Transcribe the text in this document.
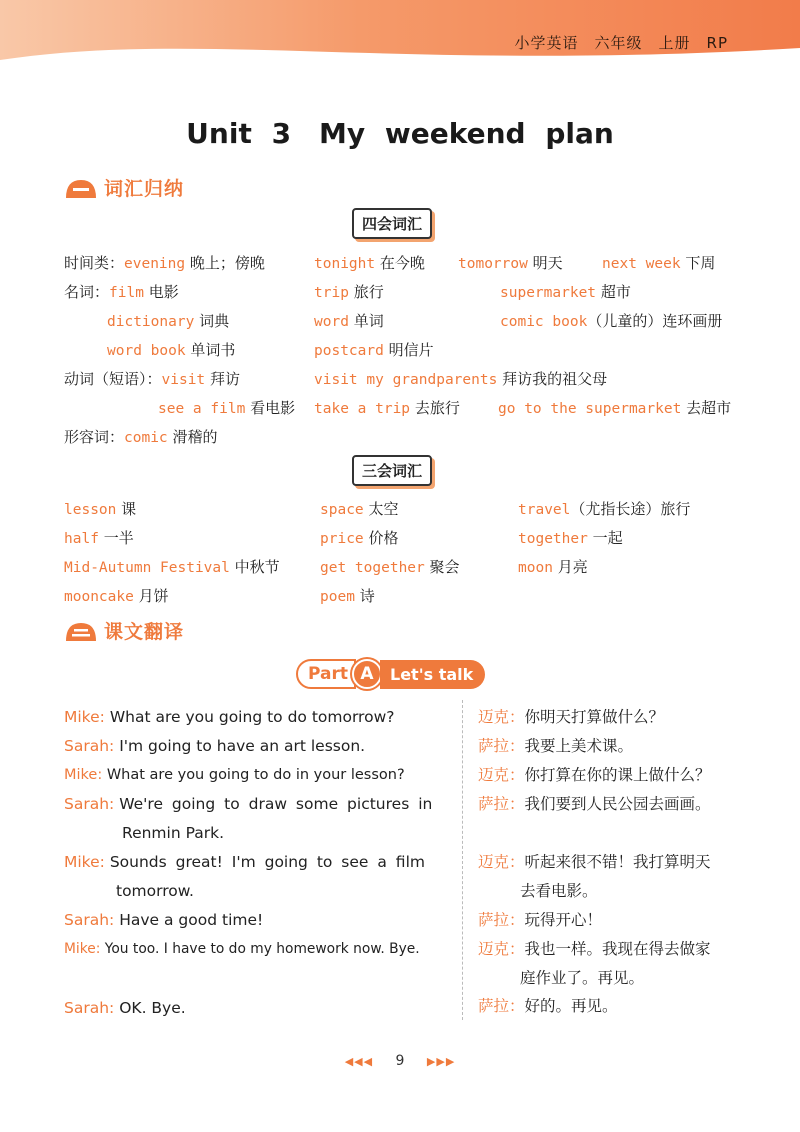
小学英语　六年级　上册　RP
Unit 3　My weekend plan
词汇归纳
四会词汇
时间类：evening 晚上；傍晚	tonight 在今晚 tomorrow 明天	next week 下周
名词：film 电影	trip 旅行	supermarket 超市
dictionary 词典	word 单词	comic book（儿童的）连环画册
word book 单词书	postcard 明信片
动词（短语）：visit 拜访	visit my grandparents 拜访我的祖父母
see a film 看电影 take a trip 去旅行	go to the supermarket 去超市
形容词：comic 滑稽的
三会词汇
lesson 课	space 太空	travel（尤指长途）旅行
half 一半	price 价格	together 一起
Mid-Autumn Festival 中秋节	get together 聚会	moon 月亮
mooncake 月饼	poem 诗
课文翻译
Part A	Let's talk
Mike: What are you going to do tomorrow?
Sarah: I'm going to have an art lesson.
Mike: What are you going to do in your lesson?
Sarah: We're going to draw some pictures in
Renmin Park.
Mike: Sounds great! I'm going to see a film
tomorrow.
Sarah: Have a good time!
Mike: You too. I have to do my homework now. Bye.
Sarah: OK. Bye.
迈克：你明天打算做什么？
萨拉：我要上美术课。
迈克：你打算在你的课上做什么？
萨拉：我们要到人民公园去画画。
迈克：听起来很不错！我打算明天
去看电影。
萨拉：玩得开心！
迈克：我也一样。我现在得去做家
庭作业了。再见。
萨拉：好的。再见。
◀◀◀ 9 ▶▶▶
